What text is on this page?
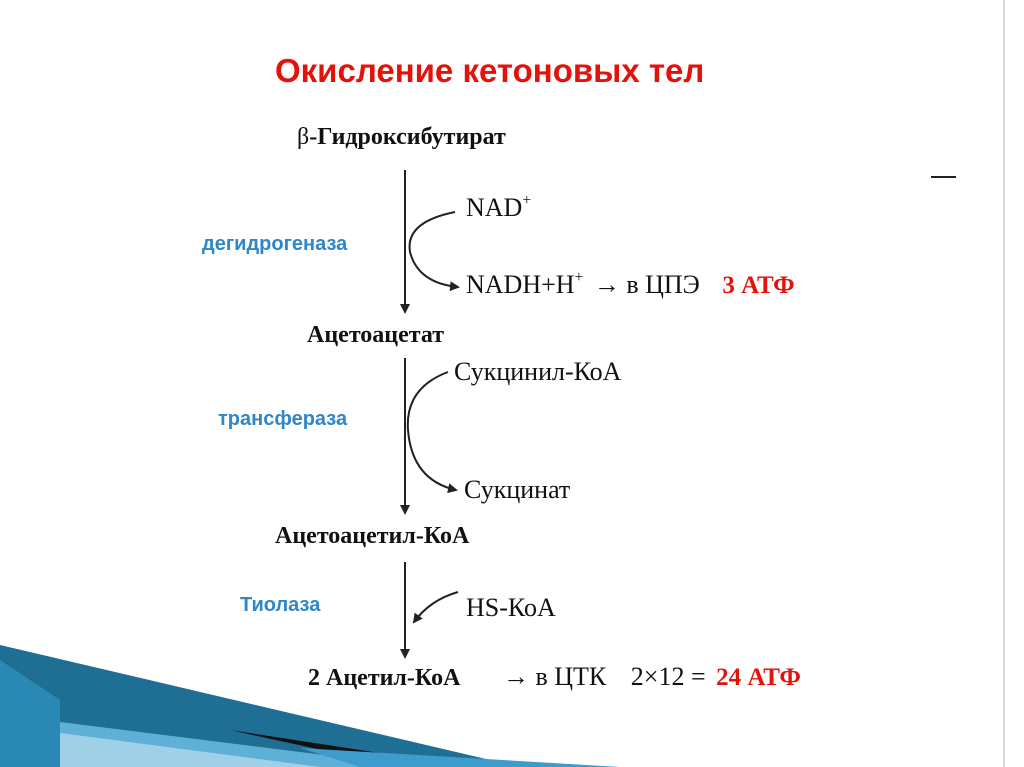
Окисление кетоновых тел
β-Гидроксибутират
Ацетоацетат
Ацетоацетил-КоА
2 Ацетил-КоА
дегидрогеназа
трансфераза
Тиолаза
NAD+
NADH+H+ → в ЦПЭ 3 АТФ
Сукцинил-КоА
Сукцинат
HS-КоА
→ в ЦТК 2×12 = 24 АТФ
